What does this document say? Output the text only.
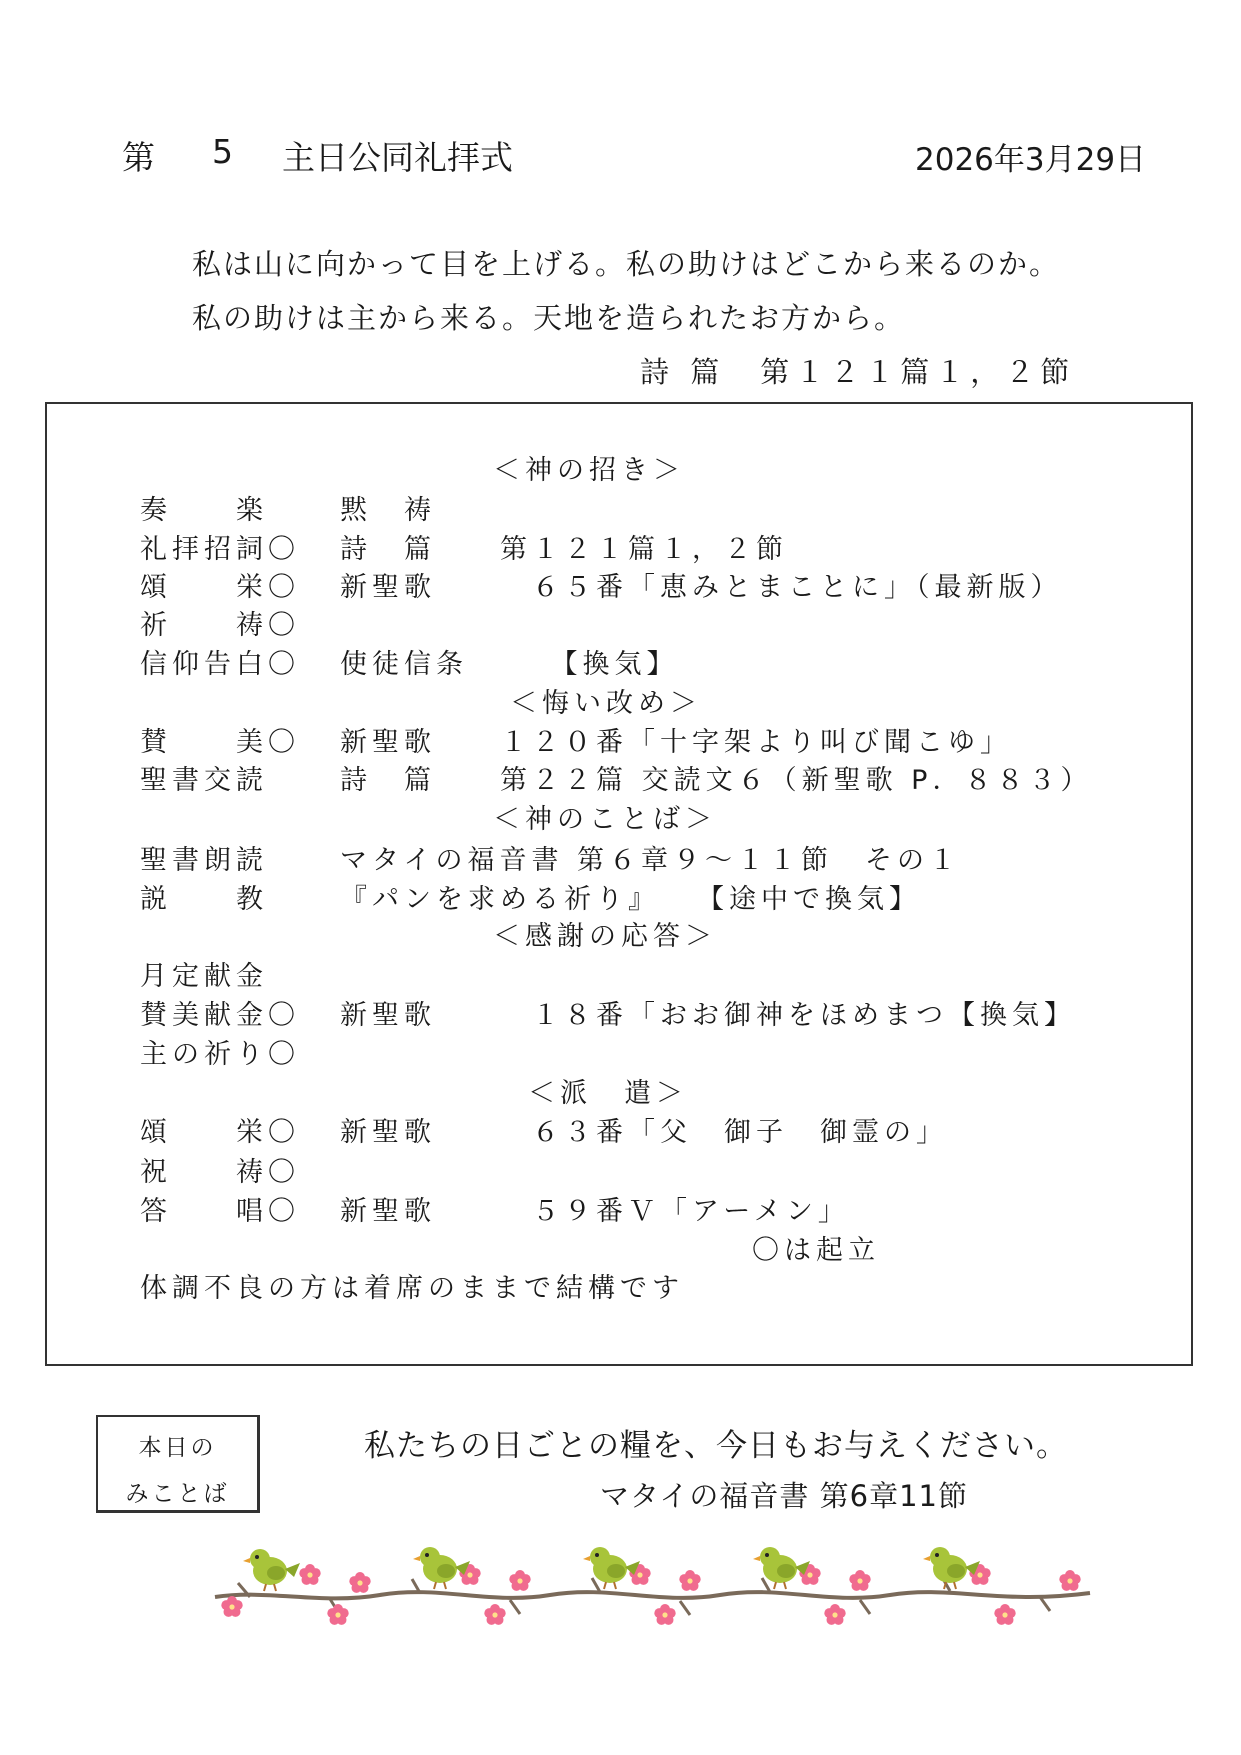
第 5 主日公同礼拝式	2026年3月29日
私は山に向かって目を上げる。私の助けはどこから来るのか。
私の助けは主から来る。天地を造られたお方から。
詩 篇　第１２１篇１，２節
＜神の招き＞
奏　　楽	黙　祷
礼拝招詞〇 詩　篇　　第１２１篇１，２節
頌　　栄〇 新聖歌　　　６５番「恵みとまことに」（最新版）
祈　　祷〇
信仰告白〇 使徒信条　　　【換気】
＜悔い改め＞
賛　　美〇 新聖歌　　１２０番「十字架より叫び聞こゆ」
聖書交読	詩　篇　　第２２篇 交読文６（新聖歌 P．８８３）
＜神のことば＞
聖書朗読	マタイの福音書 第６章９～１１節　その１
説　　教	『パンを求める祈り』　　【途中で換気】
＜感謝の応答＞
月定献金
賛美献金〇 新聖歌　　　１８番「おお御神をほめまつ【換気】
主の祈り〇
＜派　遣＞
頌　　栄〇 新聖歌　　　６３番「父　御子　御霊の」
祝　　祷〇
答　　唱〇 新聖歌　　　５９番Ｖ「アーメン」
〇は起立
体調不良の方は着席のままで結構です
本日の
みことば
私たちの日ごとの糧を、今日もお与えください。
マタイの福音書 第6章11節
